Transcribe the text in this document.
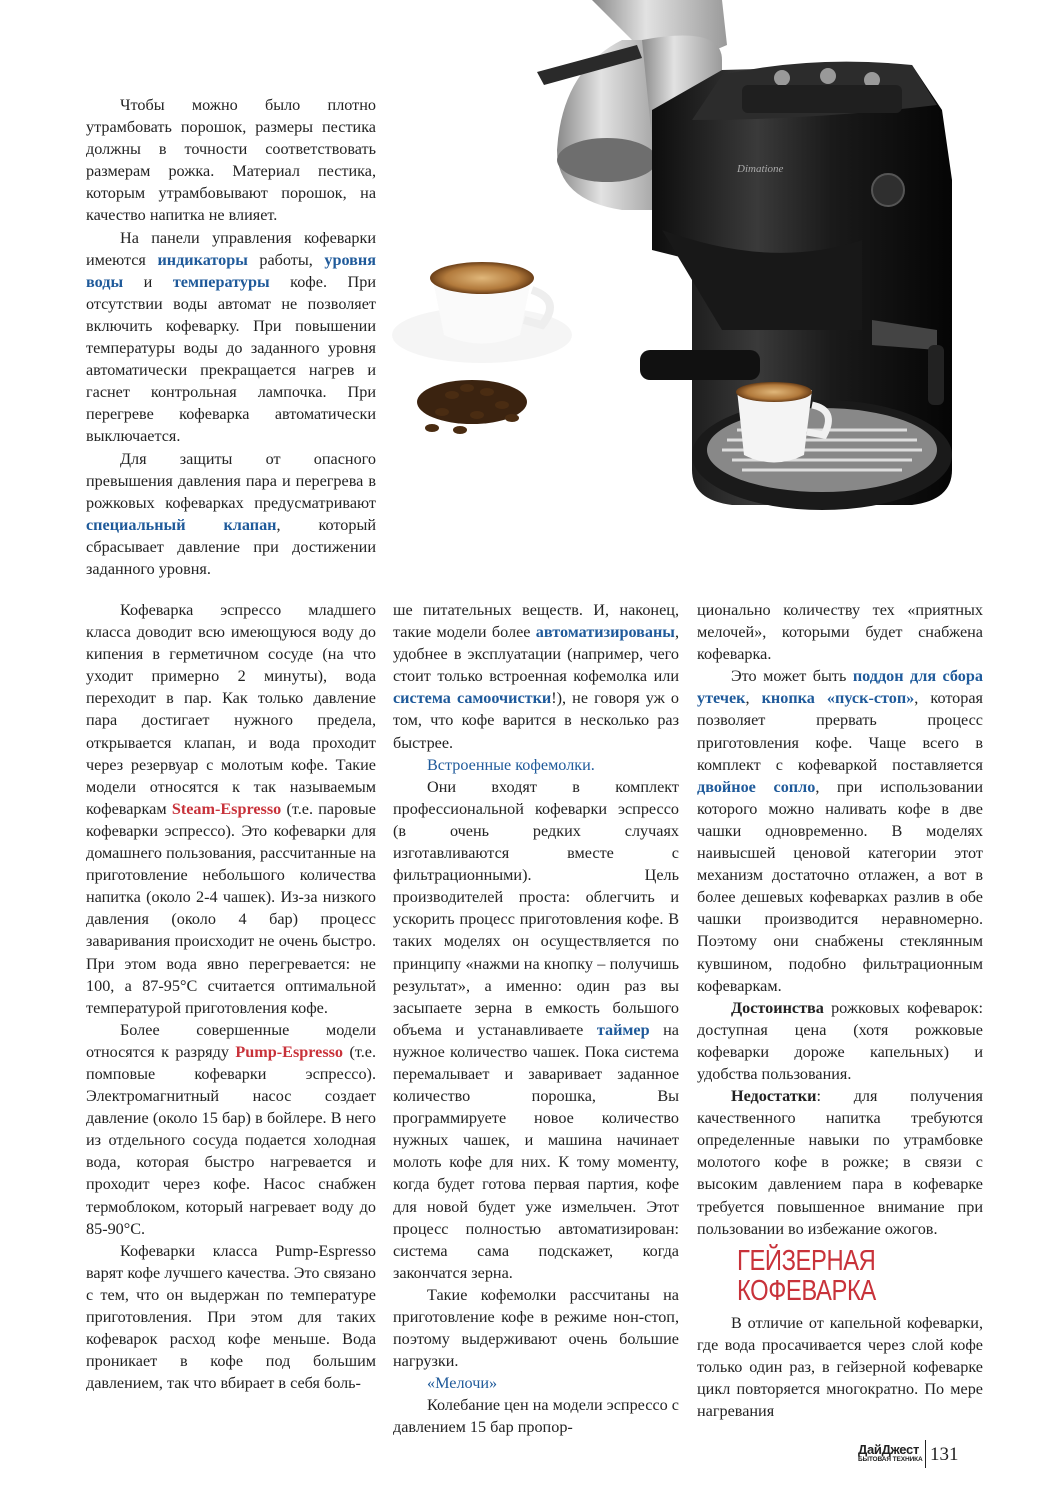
Dimatione

Чтобы можно было плотно утрамбовать порошок, размеры пестика должны в точности соответствовать размерам рожка. Материал пестика, которым утрамбовывают порошок, на качество напитка не влияет.

На панели управления кофеварки имеются индикаторы работы, уровня воды и температуры кофе. При отсутствии воды автомат не позволяет включить кофеварку. При повышении температуры воды до заданного уровня автоматически прекращается нагрев и гаснет контрольная лампочка. При перегреве кофеварка автоматически выключается.

Для защиты от опасного превышения давления пара и перегрева в рожковых кофеварках предусматривают специальный клапан, который сбрасывает давление при достижении заданного уровня.

Кофеварка эспрессо младшего класса доводит всю имеющуюся воду до кипения в герметичном сосуде (на что уходит примерно 2 минуты), вода переходит в пар. Как только давление пара достигает нужного предела, открывается клапан, и вода проходит через резервуар с молотым кофе. Такие модели относятся к так называемым кофеваркам Steam-Espresso (т.е. паровые кофеварки эспрессо). Это кофеварки для домашнего пользования, рассчитанные на приготовление небольшого количества напитка (около 2-4 чашек). Из-за низкого давления (около 4 бар) процесс заваривания происходит не очень быстро. При этом вода явно перегревается: не 100, а 87-95°С считается оптимальной температурой приготовления кофе.

Более совершенные модели относятся к разряду Pump-Espresso (т.е. помповые кофеварки эспрессо). Электромагнитный насос создает давление (около 15 бар) в бойлере. В него из отдельного сосуда подается холодная вода, которая быстро нагревается и проходит через кофе. Насос снабжен термоблоком, который нагревает воду до 85-90°С.

Кофеварки класса Pump-Espresso варят кофе лучшего качества. Это связано с тем, что он выдержан по температуре приготовления. При этом для таких кофеварок расход кофе меньше. Вода проникает в кофе под большим давлением, так что вбирает в себя боль-

ше питательных веществ. И, наконец, такие модели более автоматизированы, удобнее в эксплуатации (например, чего стоит только встроенная кофемолка или система самоочистки!), не говоря уж о том, что кофе варится в несколько раз быстрее.

Встроенные кофемолки.

Они входят в комплект профессиональной кофеварки эспрессо (в очень редких случаях изготавливаются вместе с фильтрационными). Цель производителей проста: облегчить и ускорить процесс приготовления кофе. В таких моделях он осуществляется по принципу «нажми на кнопку – получишь результат», а именно: один раз вы засыпаете зерна в емкость большого объема и устанавливаете таймер на нужное количество чашек. Пока система перемалывает и заваривает заданное количество порошка, Вы программируете новое количество нужных чашек, и машина начинает молоть кофе для них. К тому моменту, когда будет готова первая партия, кофе для новой будет уже измельчен. Этот процесс полностью автоматизирован: система сама подскажет, когда закончатся зерна.

Такие кофемолки рассчитаны на приготовление кофе в режиме нон-стоп, поэтому выдерживают очень большие нагрузки.

«Мелочи»

Колебание цен на модели эспрессо с давлением 15 бар пропор-

ционально количеству тех «приятных мелочей», которыми будет снабжена кофеварка.

Это может быть поддон для сбора утечек, кнопка «пуск-стоп», которая позволяет прервать процесс приготовления кофе. Чаще всего в комплект с кофеваркой поставляется двойное сопло, при использовании которого можно наливать кофе в две чашки одновременно. В моделях наивысшей ценовой категории этот механизм достаточно отлажен, а вот в более дешевых кофеварках разлив в обе чашки производится неравномерно. Поэтому они снабжены стеклянным кувшином, подобно фильтрационным кофеваркам.

Достоинства рожковых кофеварок: доступная цена (хотя рожковые кофеварки дороже капельных) и удобства пользования.

Недостатки: для получения качественного напитка требуются определенные навыки по утрамбовке молотого кофе в рожке; в связи с высоким давлением пара в кофеварке требуется повышенное внимание при пользовании во избежание ожогов.

ГЕЙЗЕРНАЯ
КОФЕВАРКА

В отличие от капельной кофеварки, где вода просачивается через слой кофе только один раз, в гейзерной кофеварке цикл повторяется многократно. По мере нагревания

ДайДжест
БЫТОВАЯ ТЕХНИКА 131
